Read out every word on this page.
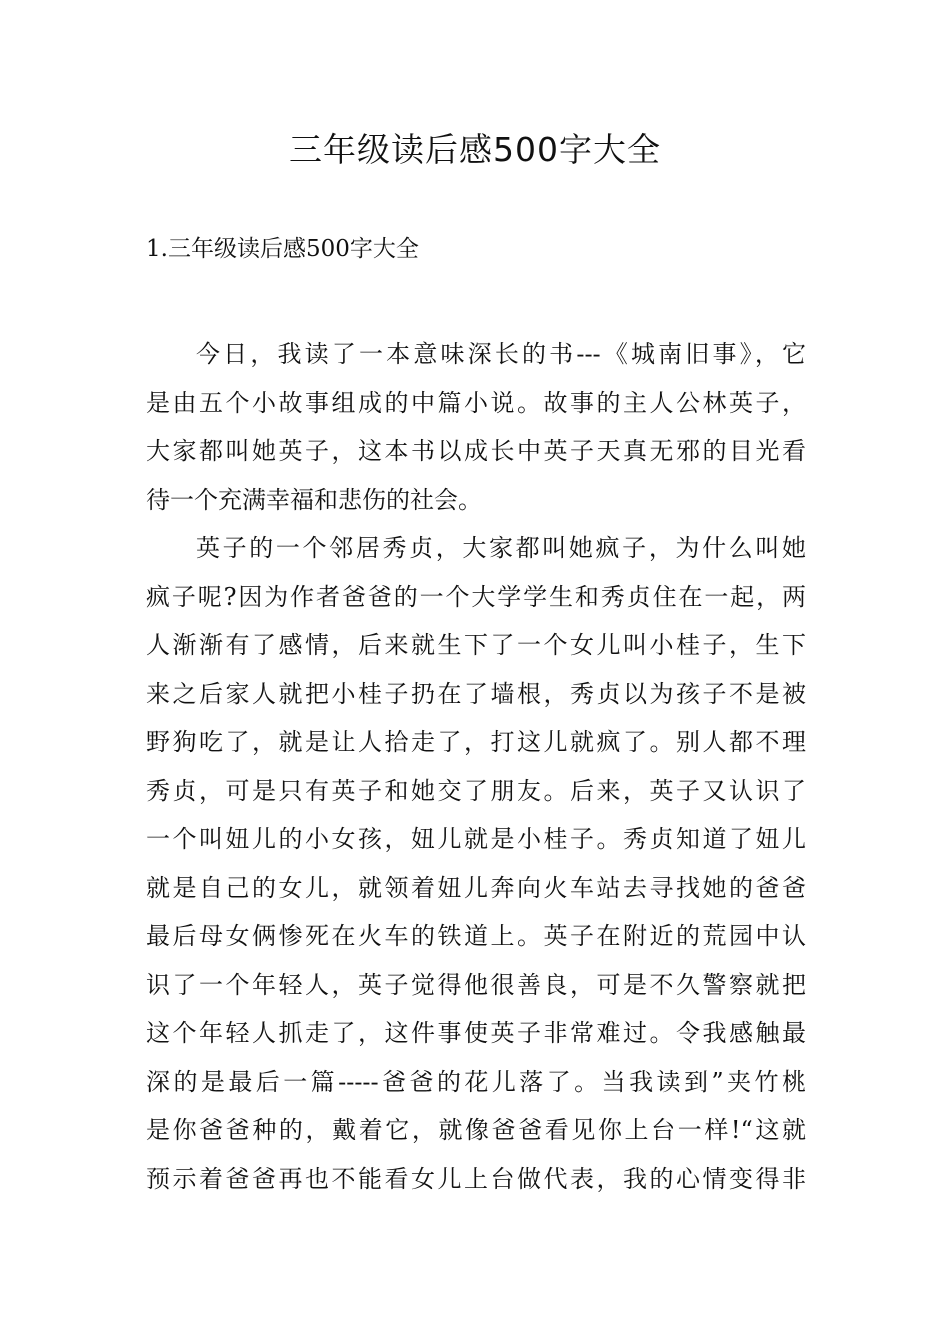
三年级读后感500字大全
1.三年级读后感500字大全

今日，我读了一本意味深长的书---《城南旧事》，它
是由五个小故事组成的中篇小说。故事的主人公林英子，
大家都叫她英子，这本书以成长中英子天真无邪的目光看
待一个充满幸福和悲伤的社会。

英子的一个邻居秀贞，大家都叫她疯子，为什么叫她
疯子呢?因为作者爸爸的一个大学学生和秀贞住在一起，两
人渐渐有了感情，后来就生下了一个女儿叫小桂子，生下
来之后家人就把小桂子扔在了墙根，秀贞以为孩子不是被
野狗吃了，就是让人拾走了，打这儿就疯了。别人都不理
秀贞，可是只有英子和她交了朋友。后来，英子又认识了
一个叫妞儿的小女孩，妞儿就是小桂子。秀贞知道了妞儿
就是自己的女儿，就领着妞儿奔向火车站去寻找她的爸爸
最后母女俩惨死在火车的铁道上。英子在附近的荒园中认
识了一个年轻人，英子觉得他很善良，可是不久警察就把
这个年轻人抓走了，这件事使英子非常难过。令我感触最
深的是最后一篇-----爸爸的花儿落了。当我读到”夹竹桃
是你爸爸种的，戴着它，就像爸爸看见你上台一样!“这就
预示着爸爸再也不能看女儿上台做代表，我的心情变得非
